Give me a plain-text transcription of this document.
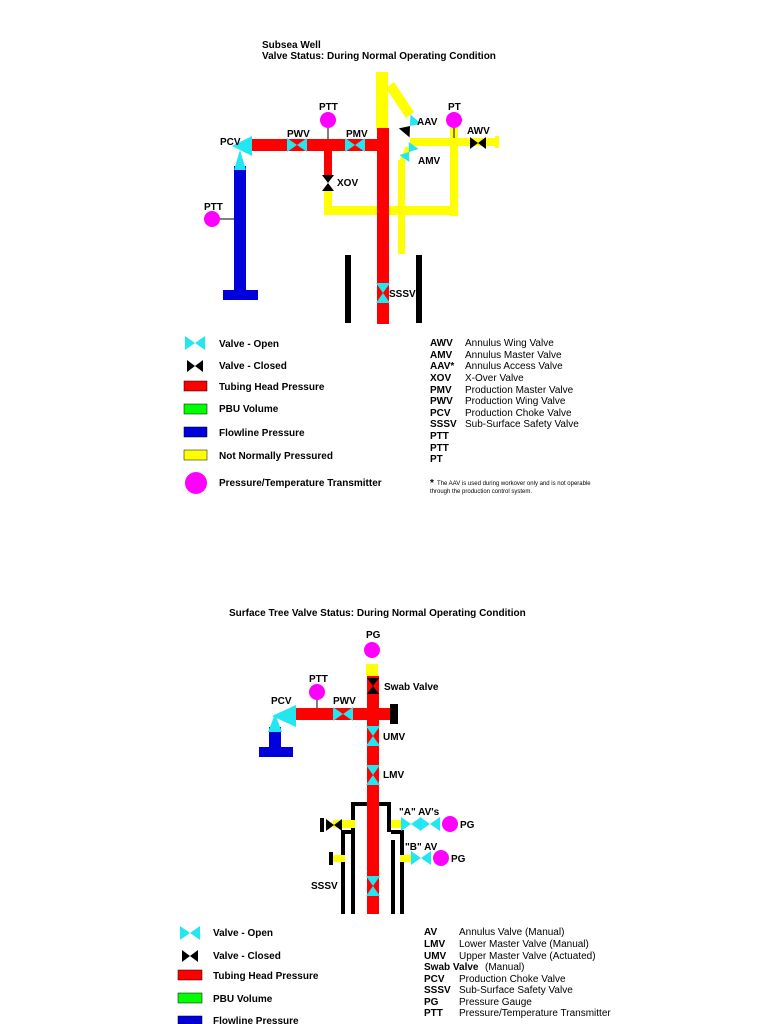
Subsea Well
Valve Status: During Normal Operating Condition
PTT	PT
PCV
PWV	PMV
AAV
AWV
AMV
XOV
PTT
SSSV
Valve - Open
Valve - Closed
Tubing Head Pressure
PBU Volume
Flowline Pressure
Not Normally Pressured
Pressure/Temperature Transmitter
AWV Annulus Wing Valve
AMV Annulus Master Valve
AAV* Annulus Access Valve
XOV X-Over Valve
PMV Production Master Valve
PWV Production Wing Valve
PCV Production Choke Valve
SSSV Sub-Surface Safety Valve
PTT
PTT
PT
* The AAV is used during workover only and is not operable
through the production control system.
Surface Tree Valve Status: During Normal Operating Condition
PG
PTT
PCV	PWV
Swab Valve
UMV
LMV
"A" AV's
PG
"B" AV
PG
SSSV
Valve - Open
Valve - Closed
Tubing Head Pressure
PBU Volume
Flowline Pressure
AV Annulus Valve (Manual)
LMV Lower Master Valve (Manual)
UMV Upper Master Valve (Actuated)
Swab Valve (Manual)
PCV Production Choke Valve
SSSV Sub-Surface Safety Valve
PG Pressure Gauge
PTT Pressure/Temperature Transmitter
